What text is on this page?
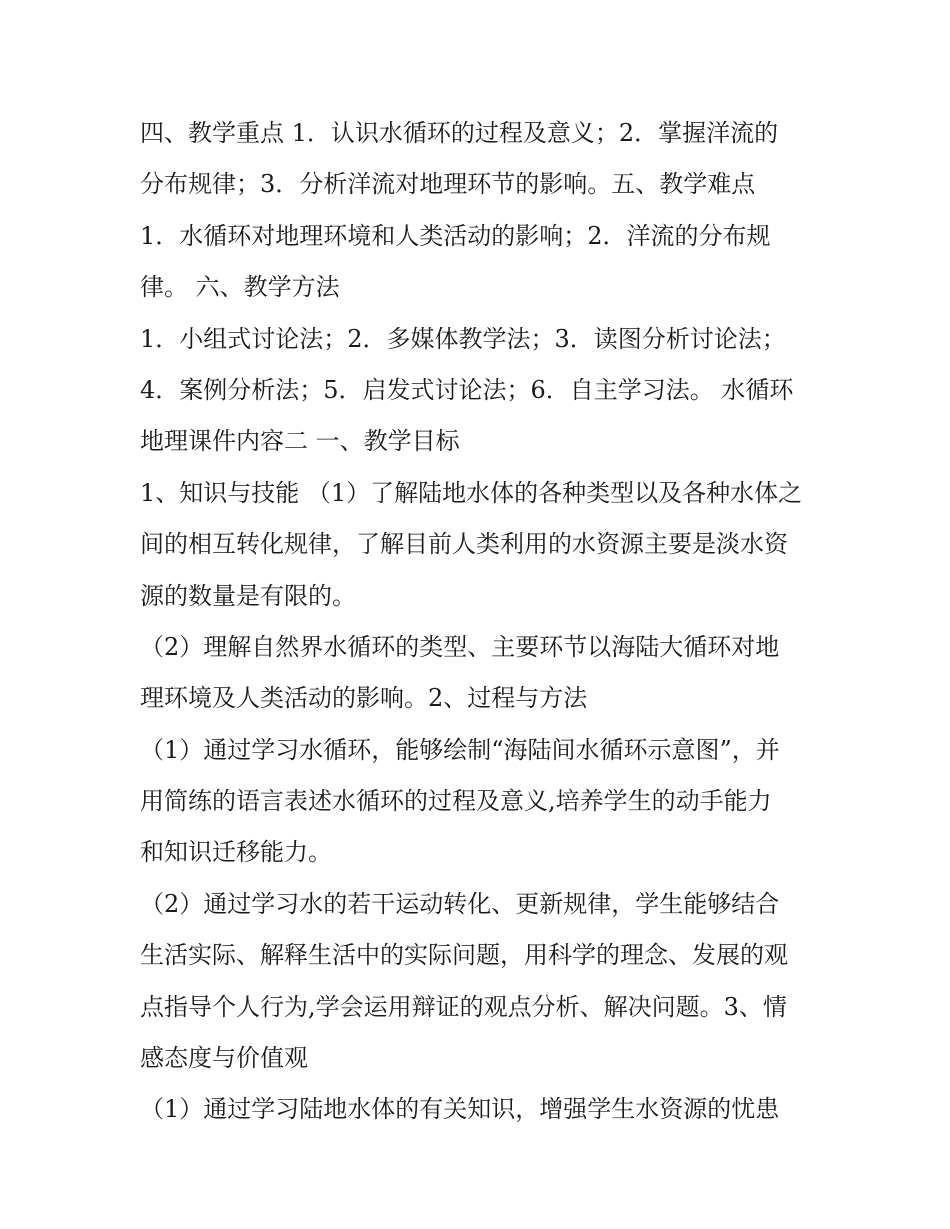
四、教学重点 1．认识水循环的过程及意义；2．掌握洋流的
分布规律；3．分析洋流对地理环节的影响。五、教学难点
1．水循环对地理环境和人类活动的影响；2．洋流的分布规
律。 六、教学方法
1．小组式讨论法；2．多媒体教学法；3．读图分析讨论法；
4．案例分析法；5．启发式讨论法；6．自主学习法。 水循环
地理课件内容二 一、教学目标
1、知识与技能 （1）了解陆地水体的各种类型以及各种水体之
间的相互转化规律，了解目前人类利用的水资源主要是淡水资
源的数量是有限的。
（2）理解自然界水循环的类型、主要环节以海陆大循环对地
理环境及人类活动的影响。2、过程与方法
（1）通过学习水循环，能够绘制“海陆间水循环示意图”，并
用简练的语言表述水循环的过程及意义,培养学生的动手能力
和知识迁移能力。
（2）通过学习水的若干运动转化、更新规律，学生能够结合
生活实际、解释生活中的实际问题，用科学的理念、发展的观
点指导个人行为,学会运用辩证的观点分析、解决问题。3、情
感态度与价值观
（1）通过学习陆地水体的有关知识，增强学生水资源的忧患
